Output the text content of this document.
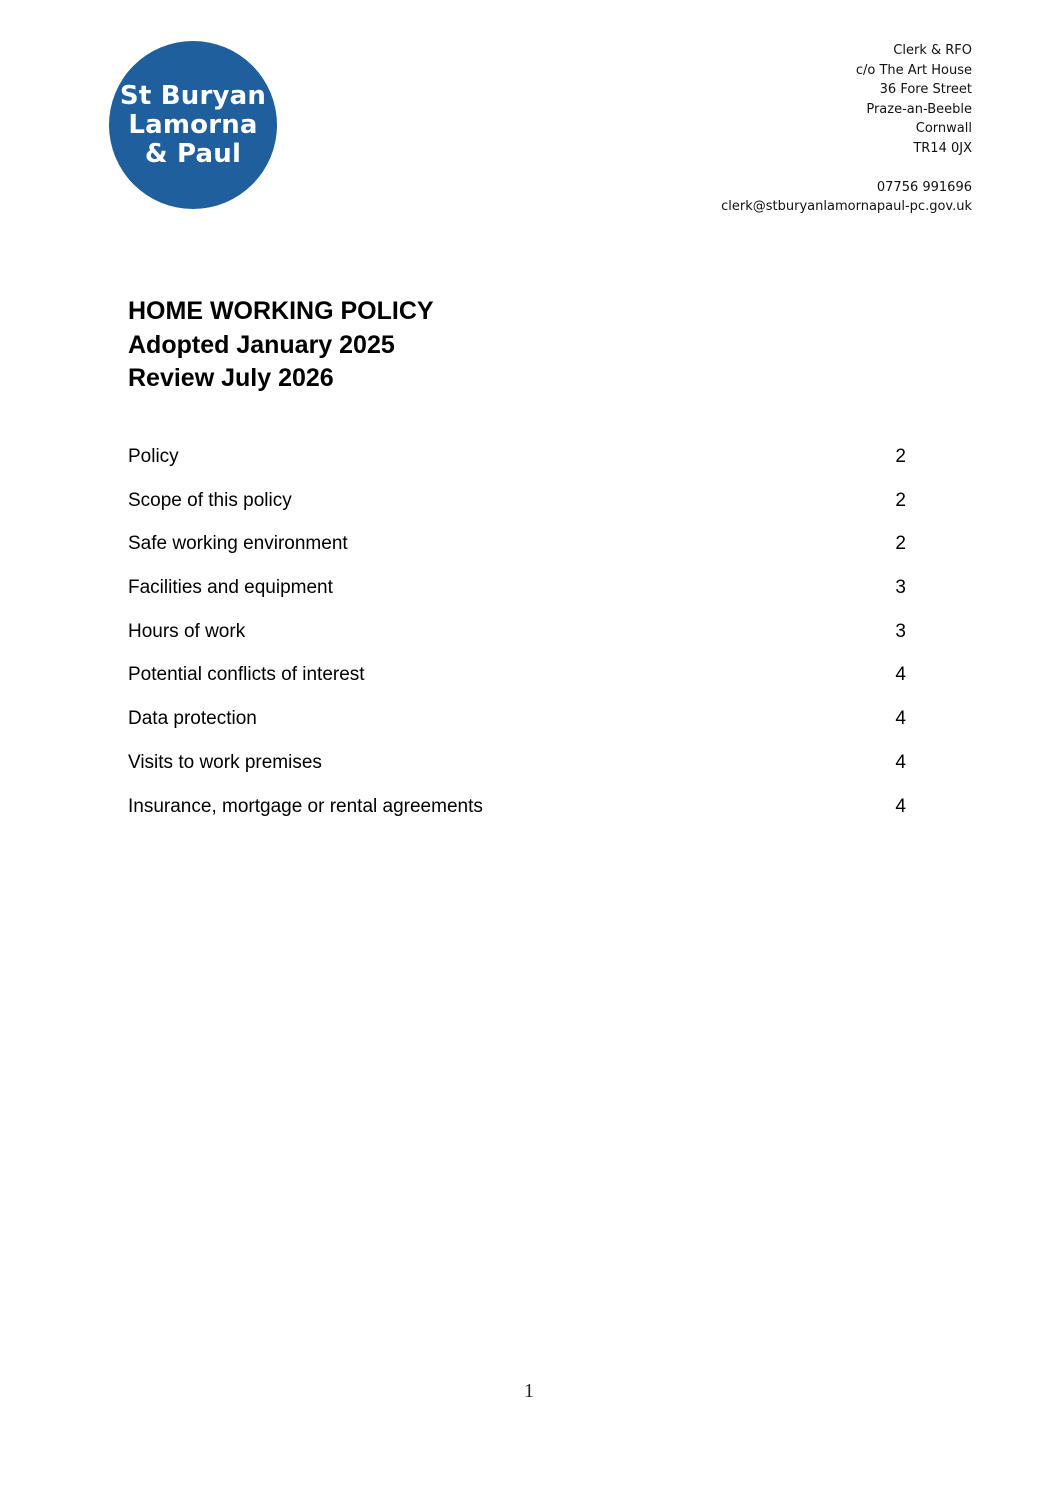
St Buryan
Lamorna
& Paul
Clerk & RFO
c/o The Art House
36 Fore Street
Praze-an-Beeble
Cornwall
TR14 0JX
07756 991696
clerk@stburyanlamornapaul-pc.gov.uk
HOME WORKING POLICY
Adopted January 2025
Review July 2026
Policy	2
Scope of this policy	2
Safe working environment	2
Facilities and equipment	3
Hours of work	3
Potential conflicts of interest	4
Data protection	4
Visits to work premises	4
Insurance, mortgage or rental agreements	4
1
